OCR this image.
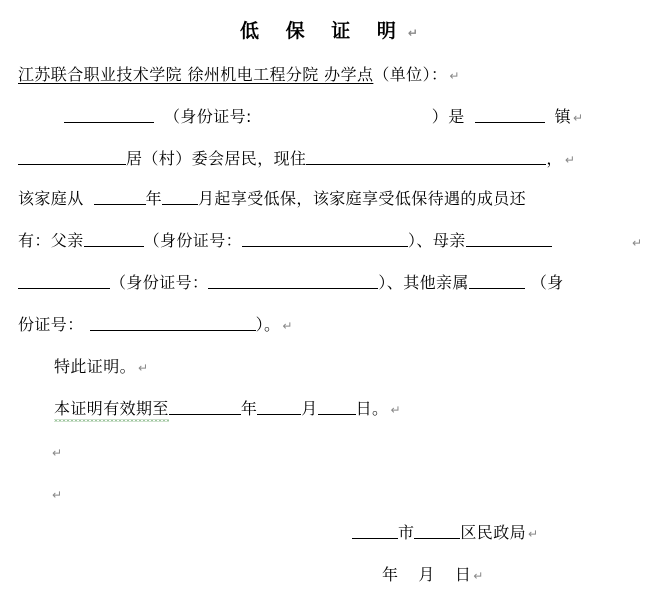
低 保 证 明 ↵
江苏联合职业技术学院 徐州机电工程分院 办学点（单位）： ↵
（身份证号:	）是	镇 ↵
居（村）委会居民，现住	， ↵
该家庭从	年 月起享受低保，该家庭享受低保待遇的成员还
有：父亲	（身份证号：	）、母亲	↵
（身份证号：	）、其他亲属	（身
份证号：	）。 ↵
特此证明。 ↵
本证明有效期至	年	月 日。 ↵
↵
↵
市	区民政局 ↵
年 月 日 ↵
